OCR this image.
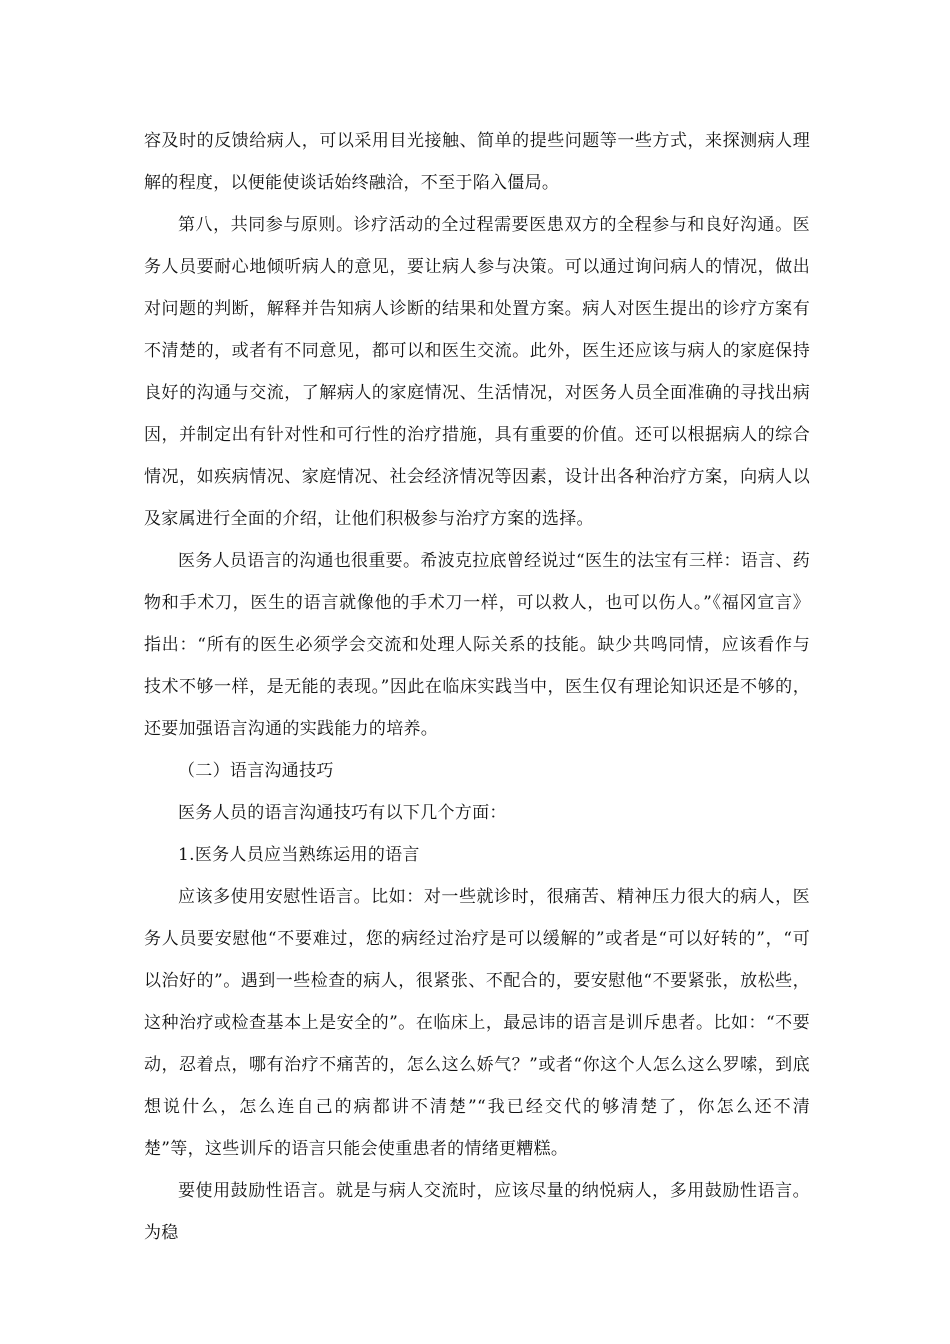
容及时的反馈给病人，可以采用目光接触、简单的提些问题等一些方式，来探测病人理解的程度，以便能使谈话始终融洽，不至于陷入僵局。

第八，共同参与原则。诊疗活动的全过程需要医患双方的全程参与和良好沟通。医务人员要耐心地倾听病人的意见，要让病人参与决策。可以通过询问病人的情况，做出对问题的判断，解释并告知病人诊断的结果和处置方案。病人对医生提出的诊疗方案有不清楚的，或者有不同意见，都可以和医生交流。此外，医生还应该与病人的家庭保持良好的沟通与交流，了解病人的家庭情况、生活情况，对医务人员全面准确的寻找出病因，并制定出有针对性和可行性的治疗措施，具有重要的价值。还可以根据病人的综合情况，如疾病情况、家庭情况、社会经济情况等因素，设计出各种治疗方案，向病人以及家属进行全面的介绍，让他们积极参与治疗方案的选择。

医务人员语言的沟通也很重要。希波克拉底曾经说过“医生的法宝有三样：语言、药物和手术刀，医生的语言就像他的手术刀一样，可以救人，也可以伤人。”《福冈宣言》指出：“所有的医生必须学会交流和处理人际关系的技能。缺少共鸣同情，应该看作与技术不够一样，是无能的表现。”因此在临床实践当中，医生仅有理论知识还是不够的，还要加强语言沟通的实践能力的培养。

（二）语言沟通技巧

医务人员的语言沟通技巧有以下几个方面：

1.医务人员应当熟练运用的语言

应该多使用安慰性语言。比如：对一些就诊时，很痛苦、精神压力很大的病人，医务人员要安慰他“不要难过，您的病经过治疗是可以缓解的”或者是“可以好转的”，“可以治好的”。遇到一些检查的病人，很紧张、不配合的，要安慰他“不要紧张，放松些，这种治疗或检查基本上是安全的”。在临床上，最忌讳的语言是训斥患者。比如：“不要动，忍着点，哪有治疗不痛苦的，怎么这么娇气？”或者“你这个人怎么这么罗嗦，到底想说什么，怎么连自己的病都讲不清楚”“我已经交代的够清楚了，你怎么还不清楚”等，这些训斥的语言只能会使重患者的情绪更糟糕。

要使用鼓励性语言。就是与病人交流时，应该尽量的纳悦病人，多用鼓励性语言。为稳
